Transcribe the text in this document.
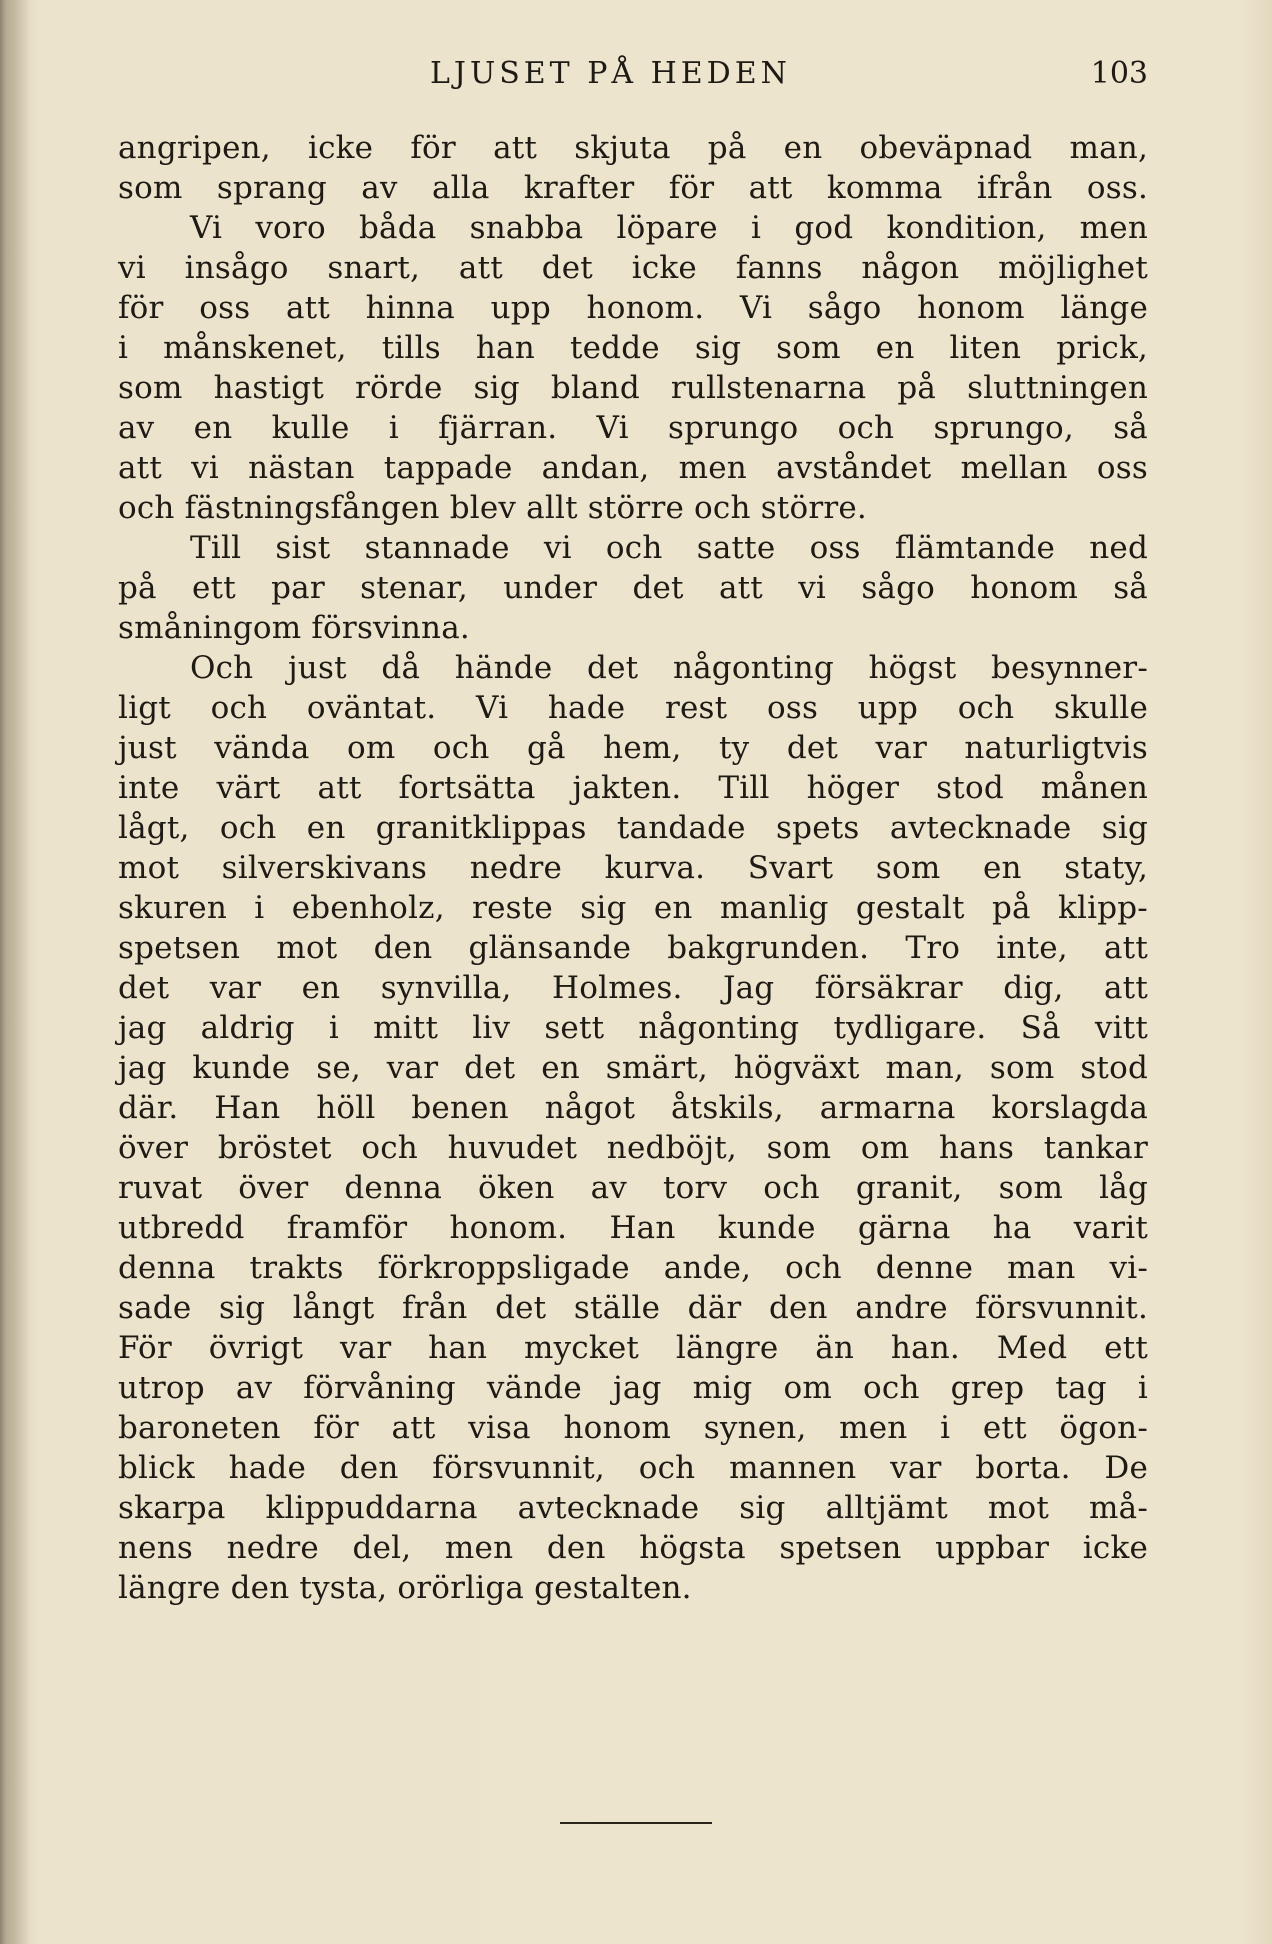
LJUSET PÅ HEDEN	103
angripen, icke för att skjuta på en obeväpnad man,
som sprang av alla krafter för att komma ifrån oss.
Vi voro båda snabba löpare i god kondition, men
vi insågo snart, att det icke fanns någon möjlighet
för oss att hinna upp honom. Vi sågo honom länge
i månskenet, tills han tedde sig som en liten prick,
som hastigt rörde sig bland rullstenarna på sluttningen
av en kulle i fjärran. Vi sprungo och sprungo, så
att vi nästan tappade andan, men avståndet mellan oss
och fästningsfången blev allt större och större.
Till sist stannade vi och satte oss flämtande ned
på ett par stenar, under det att vi sågo honom så
småningom försvinna.
Och just då hände det någonting högst besynner-
ligt och oväntat. Vi hade rest oss upp och skulle
just vända om och gå hem, ty det var naturligtvis
inte värt att fortsätta jakten. Till höger stod månen
lågt, och en granitklippas tandade spets avtecknade sig
mot silverskivans nedre kurva. Svart som en staty,
skuren i ebenholz, reste sig en manlig gestalt på klipp-
spetsen mot den glänsande bakgrunden. Tro inte, att
det var en synvilla, Holmes. Jag försäkrar dig, att
jag aldrig i mitt liv sett någonting tydligare. Så vitt
jag kunde se, var det en smärt, högväxt man, som stod
där. Han höll benen något åtskils, armarna korslagda
över bröstet och huvudet nedböjt, som om hans tankar
ruvat över denna öken av torv och granit, som låg
utbredd framför honom. Han kunde gärna ha varit
denna trakts förkroppsligade ande, och denne man vi-
sade sig långt från det ställe där den andre försvunnit.
För övrigt var han mycket längre än han. Med ett
utrop av förvåning vände jag mig om och grep tag i
baroneten för att visa honom synen, men i ett ögon-
blick hade den försvunnit, och mannen var borta. De
skarpa klippuddarna avtecknade sig alltjämt mot må-
nens nedre del, men den högsta spetsen uppbar icke
längre den tysta, orörliga gestalten.
